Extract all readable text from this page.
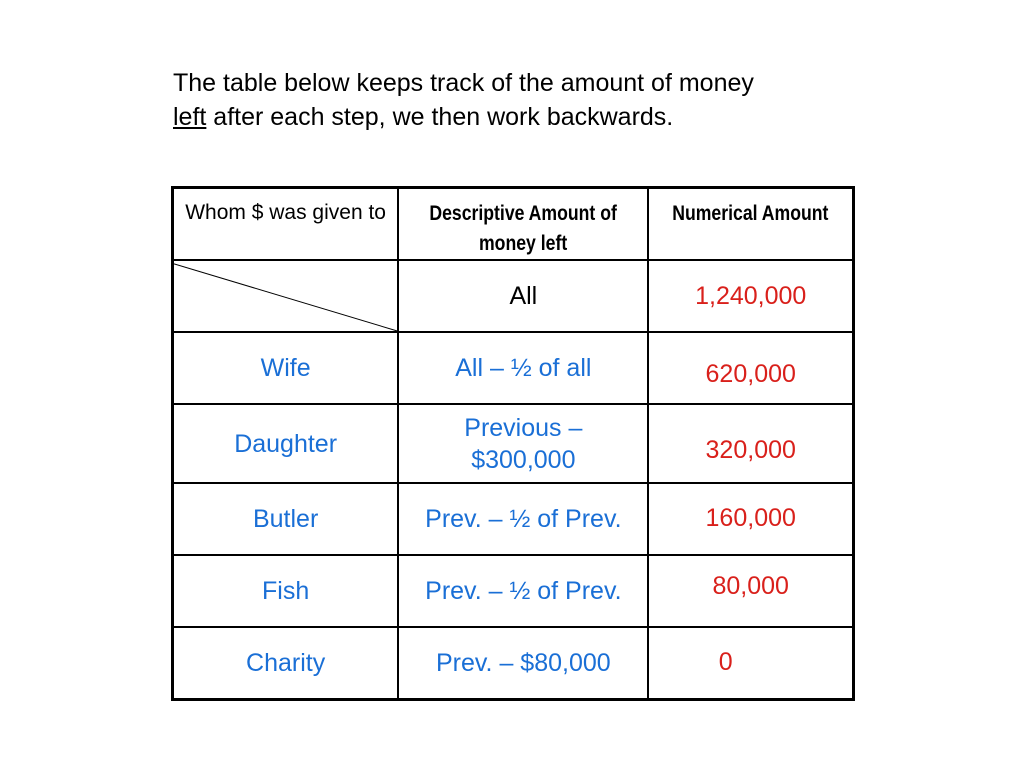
The table below keeps track of the amount of money
left after each step, we then work backwards.
Whom $ was given to	Descriptive Amount of money left	Numerical Amount

	All	1,240,000
Wife	All – ½ of all	620,000
Daughter	Previous – $300,000	320,000
Butler	Prev. – ½ of Prev.	160,000
Fish	Prev. – ½ of Prev.	80,000
Charity	Prev. – $80,000	0
